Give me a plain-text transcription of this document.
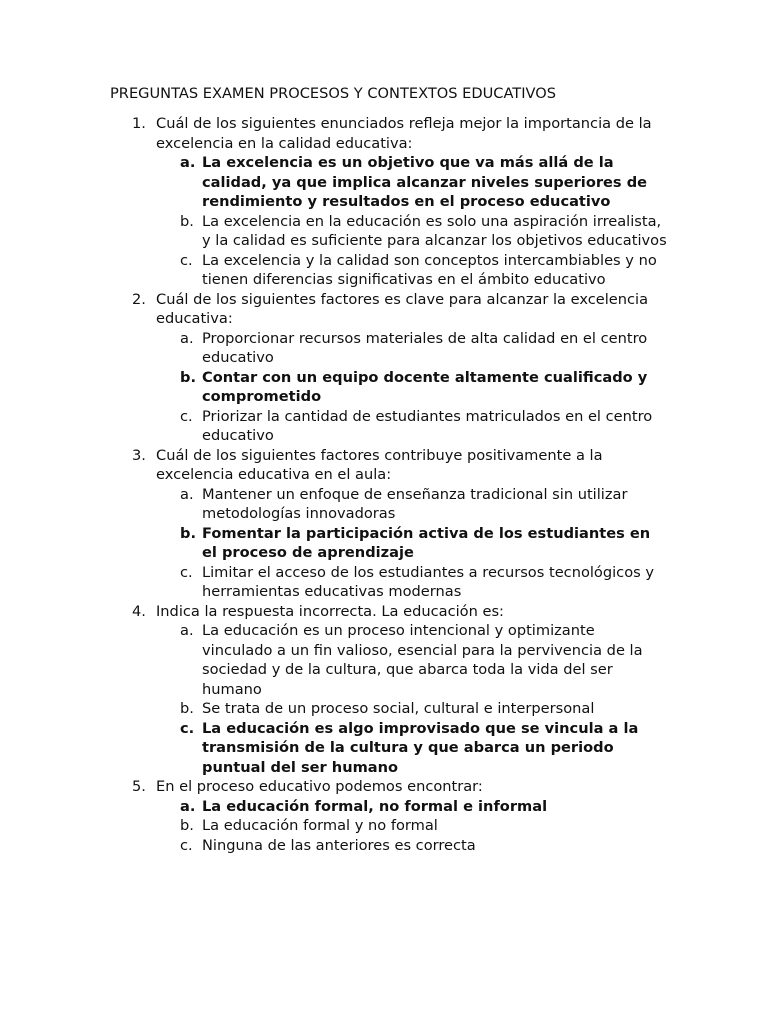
PREGUNTAS EXAMEN PROCESOS Y CONTEXTOS EDUCATIVOS
1. Cuál de los siguientes enunciados refleja mejor la importancia de la excelencia en la calidad educativa:
a. La excelencia es un objetivo que va más allá de la calidad, ya que implica alcanzar niveles superiores de rendimiento y resultados en el proceso educativo
b. La excelencia en la educación es solo una aspiración irrealista, y la calidad es suficiente para alcanzar los objetivos educativos
c. La excelencia y la calidad son conceptos intercambiables y no tienen diferencias significativas en el ámbito educativo
2. Cuál de los siguientes factores es clave para alcanzar la excelencia educativa:
a. Proporcionar recursos materiales de alta calidad en el centro educativo
b. Contar con un equipo docente altamente cualificado y comprometido
c. Priorizar la cantidad de estudiantes matriculados en el centro educativo
3. Cuál de los siguientes factores contribuye positivamente a la excelencia educativa en el aula:
a. Mantener un enfoque de enseñanza tradicional sin utilizar metodologías innovadoras
b. Fomentar la participación activa de los estudiantes en el proceso de aprendizaje
c. Limitar el acceso de los estudiantes a recursos tecnológicos y herramientas educativas modernas
4. Indica la respuesta incorrecta. La educación es:
a. La educación es un proceso intencional y optimizante vinculado a un fin valioso, esencial para la pervivencia de la sociedad y de la cultura, que abarca toda la vida del ser humano
b. Se trata de un proceso social, cultural e interpersonal
c. La educación es algo improvisado que se vincula a la transmisión de la cultura y que abarca un periodo puntual del ser humano
5. En el proceso educativo podemos encontrar:
a. La educación formal, no formal e informal
b. La educación formal y no formal
c. Ninguna de las anteriores es correcta
